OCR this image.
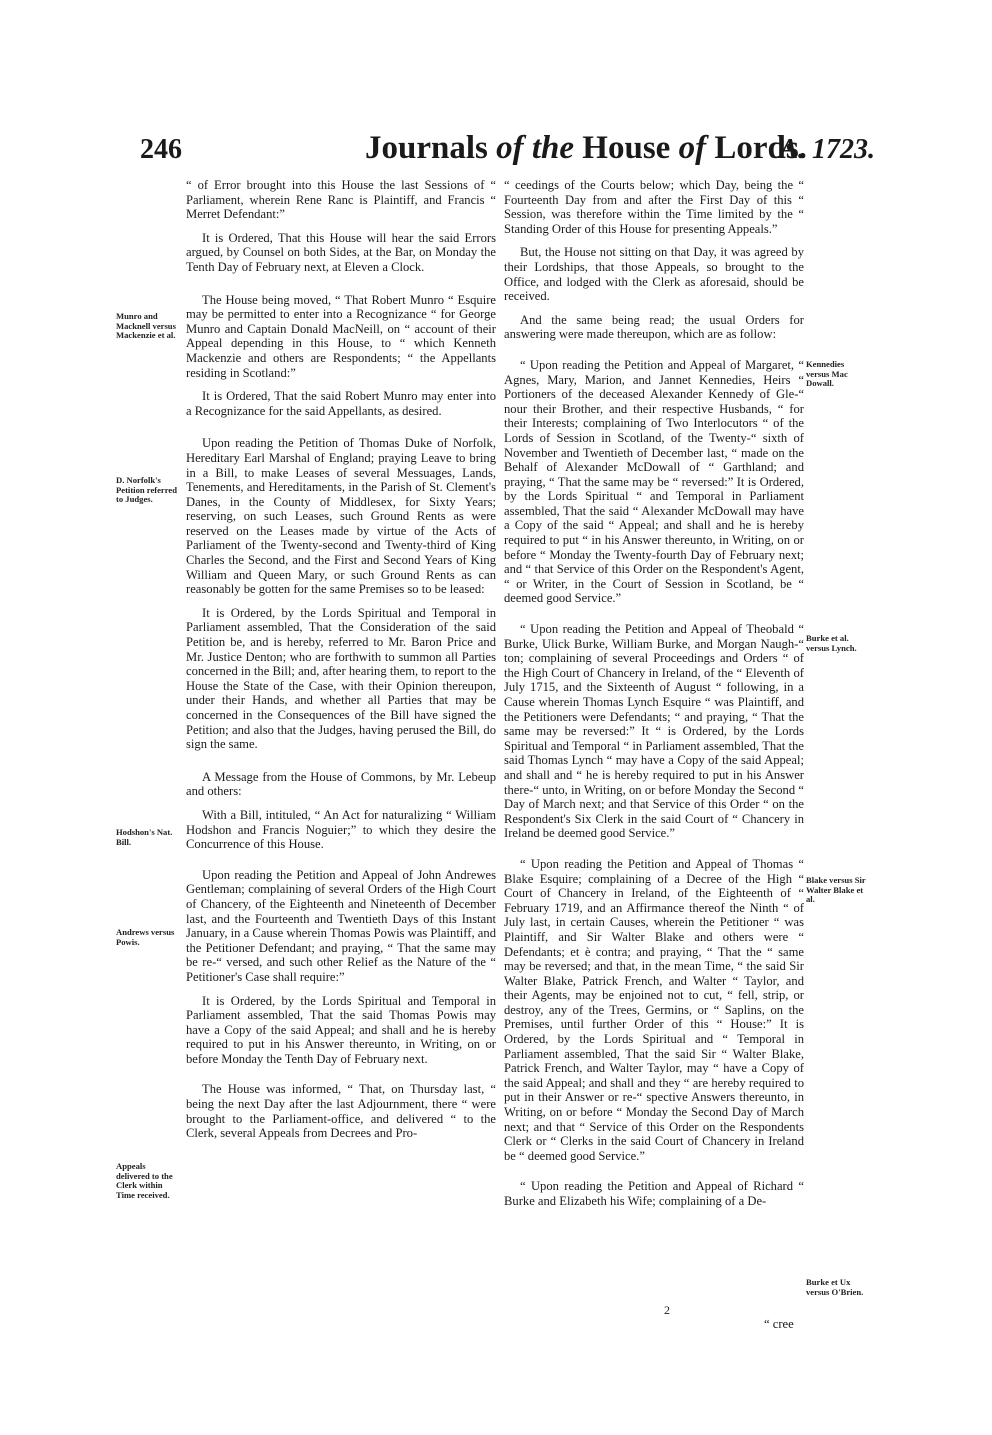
246	Journals of the House of Lords.
A. 1723.
Munro and Macknell versus Mackenzie et al.
D. Norfolk's Petition referred to Judges.
Hodshon's Nat. Bill.
Andrews versus Powis.
Appeals delivered to the Clerk within Time received.
Kennedies versus Mac Dowall.
Burke et al. versus Lynch.
Blake versus Sir Walter Blake et al.
Burke et Ux versus O'Brien.

“ of Error brought into this House the last Sessions of “ Parliament, wherein Rene Ranc is Plaintiff, and Francis “ Merret Defendant:”

It is Ordered, That this House will hear the said Errors argued, by Counsel on both Sides, at the Bar, on Monday the Tenth Day of February next, at Eleven a Clock.

The House being moved, “ That Robert Munro “ Esquire may be permitted to enter into a Recognizance “ for George Munro and Captain Donald MacNeill, on “ account of their Appeal depending in this House, to “ which Kenneth Mackenzie and others are Respondents; “ the Appellants residing in Scotland:”

It is Ordered, That the said Robert Munro may enter into a Recognizance for the said Appellants, as desired.

Upon reading the Petition of Thomas Duke of Norfolk, Hereditary Earl Marshal of England; praying Leave to bring in a Bill, to make Leases of several Messuages, Lands, Tenements, and Hereditaments, in the Parish of St. Clement's Danes, in the County of Middlesex, for Sixty Years; reserving, on such Leases, such Ground Rents as were reserved on the Leases made by virtue of the Acts of Parliament of the Twenty-second and Twenty-third of King Charles the Second, and the First and Second Years of King William and Queen Mary, or such Ground Rents as can reasonably be gotten for the same Premises so to be leased:

It is Ordered, by the Lords Spiritual and Temporal in Parliament assembled, That the Consideration of the said Petition be, and is hereby, referred to Mr. Baron Price and Mr. Justice Denton; who are forthwith to summon all Parties concerned in the Bill; and, after hearing them, to report to the House the State of the Case, with their Opinion thereupon, under their Hands, and whether all Parties that may be concerned in the Consequences of the Bill have signed the Petition; and also that the Judges, having perused the Bill, do sign the same.

A Message from the House of Commons, by Mr. Lebeup and others:

With a Bill, intituled, “ An Act for naturalizing “ William Hodshon and Francis Noguier;” to which they desire the Concurrence of this House.

Upon reading the Petition and Appeal of John Andrewes Gentleman; complaining of several Orders of the High Court of Chancery, of the Eighteenth and Nineteenth of December last, and the Fourteenth and Twentieth Days of this Instant January, in a Cause wherein Thomas Powis was Plaintiff, and the Petitioner Defendant; and praying, “ That the same may be re-“ versed, and such other Relief as the Nature of the “ Petitioner's Case shall require:”

It is Ordered, by the Lords Spiritual and Temporal in Parliament assembled, That the said Thomas Powis may have a Copy of the said Appeal; and shall and he is hereby required to put in his Answer thereunto, in Writing, on or before Monday the Tenth Day of February next.

The House was informed, “ That, on Thursday last, “ being the next Day after the last Adjournment, there “ were brought to the Parliament-office, and delivered “ to the Clerk, several Appeals from Decrees and Pro-

“ ceedings of the Courts below; which Day, being the “ Fourteenth Day from and after the First Day of this “ Session, was therefore within the Time limited by the “ Standing Order of this House for presenting Appeals.”

But, the House not sitting on that Day, it was agreed by their Lordships, that those Appeals, so brought to the Office, and lodged with the Clerk as aforesaid, should be received.

And the same being read; the usual Orders for answering were made thereupon, which are as follow:

“ Upon reading the Petition and Appeal of Margaret, “ Agnes, Mary, Marion, and Jannet Kennedies, Heirs “ Portioners of the deceased Alexander Kennedy of Gle-“ nour their Brother, and their respective Husbands, “ for their Interests; complaining of Two Interlocutors “ of the Lords of Session in Scotland, of the Twenty-“ sixth of November and Twentieth of December last, “ made on the Behalf of Alexander McDowall of “ Garthland; and praying, “ That the same may be “ reversed:” It is Ordered, by the Lords Spiritual “ and Temporal in Parliament assembled, That the said “ Alexander McDowall may have a Copy of the said “ Appeal; and shall and he is hereby required to put “ in his Answer thereunto, in Writing, on or before “ Monday the Twenty-fourth Day of February next; and “ that Service of this Order on the Respondent's Agent, “ or Writer, in the Court of Session in Scotland, be “ deemed good Service.”

“ Upon reading the Petition and Appeal of Theobald “ Burke, Ulick Burke, William Burke, and Morgan Naugh-“ ton; complaining of several Proceedings and Orders “ of the High Court of Chancery in Ireland, of the “ Eleventh of July 1715, and the Sixteenth of August “ following, in a Cause wherein Thomas Lynch Esquire “ was Plaintiff, and the Petitioners were Defendants; “ and praying, “ That the same may be reversed:” It “ is Ordered, by the Lords Spiritual and Temporal “ in Parliament assembled, That the said Thomas Lynch “ may have a Copy of the said Appeal; and shall and “ he is hereby required to put in his Answer there-“ unto, in Writing, on or before Monday the Second “ Day of March next; and that Service of this Order “ on the Respondent's Six Clerk in the said Court of “ Chancery in Ireland be deemed good Service.”

“ Upon reading the Petition and Appeal of Thomas “ Blake Esquire; complaining of a Decree of the High “ Court of Chancery in Ireland, of the Eighteenth of “ February 1719, and an Affirmance thereof the Ninth “ of July last, in certain Causes, wherein the Petitioner “ was Plaintiff, and Sir Walter Blake and others were “ Defendants; et è contra; and praying, “ That the “ same may be reversed; and that, in the mean Time, “ the said Sir Walter Blake, Patrick French, and Walter “ Taylor, and their Agents, may be enjoined not to cut, “ fell, strip, or destroy, any of the Trees, Germins, or “ Saplins, on the Premises, until further Order of this “ House:” It is Ordered, by the Lords Spiritual and “ Temporal in Parliament assembled, That the said Sir “ Walter Blake, Patrick French, and Walter Taylor, may “ have a Copy of the said Appeal; and shall and they “ are hereby required to put in their Answer or re-“ spective Answers thereunto, in Writing, on or before “ Monday the Second Day of March next; and that “ Service of this Order on the Respondents Clerk or “ Clerks in the said Court of Chancery in Ireland be “ deemed good Service.”

“ Upon reading the Petition and Appeal of Richard “ Burke and Elizabeth his Wife; complaining of a De-

2
“ cree
